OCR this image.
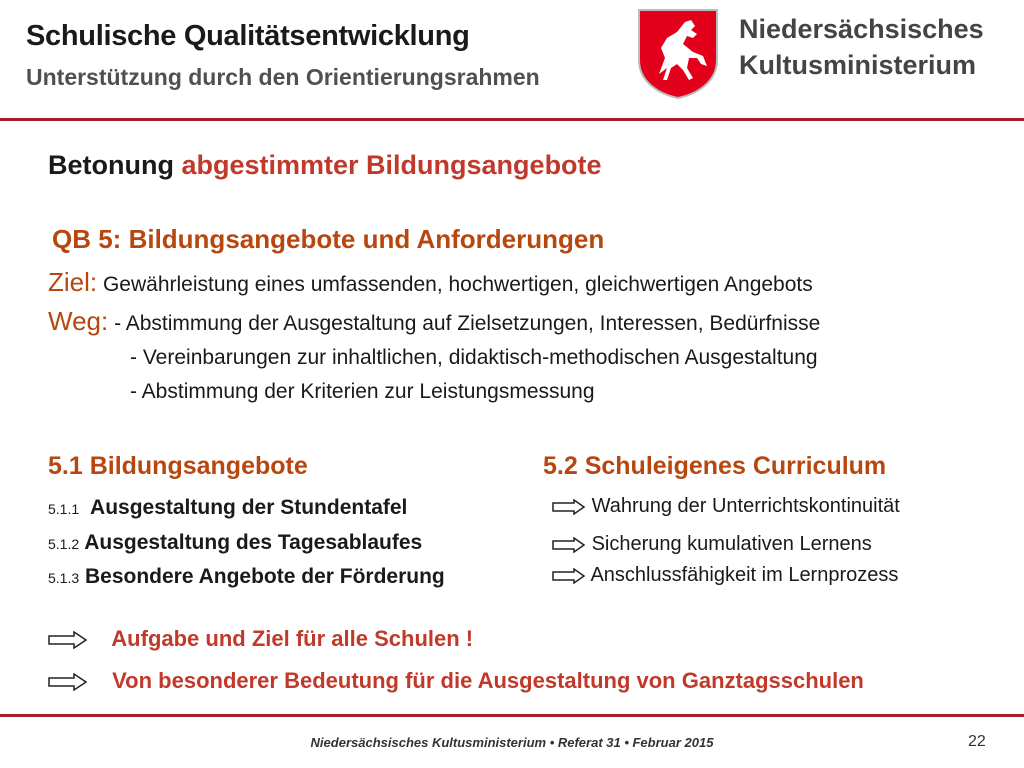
Schulische Qualitätsentwicklung
Unterstützung durch den Orientierungsrahmen
Niedersächsisches
Kultusministerium
Betonung abgestimmter Bildungsangebote
QB 5: Bildungsangebote und Anforderungen
Ziel: Gewährleistung eines umfassenden, hochwertigen, gleichwertigen Angebots
Weg: - Abstimmung der Ausgestaltung auf Zielsetzungen, Interessen, Bedürfnisse
- Vereinbarungen zur inhaltlichen, didaktisch-methodischen Ausgestaltung
- Abstimmung der Kriterien zur Leistungsmessung
5.1 Bildungsangebote	5.2 Schuleigenes Curriculum
5.1.1 Ausgestaltung der Stundentafel
5.1.2 Ausgestaltung des Tagesablaufes
5.1.3 Besondere Angebote der Förderung
Wahrung der Unterrichtskontinuität
Sicherung kumulativen Lernens
Anschlussfähigkeit im Lernprozess
Aufgabe und Ziel für alle Schulen !
Von besonderer Bedeutung für die Ausgestaltung von Ganztagsschulen
Niedersächsisches Kultusministerium • Referat 31 • Februar 2015	22
